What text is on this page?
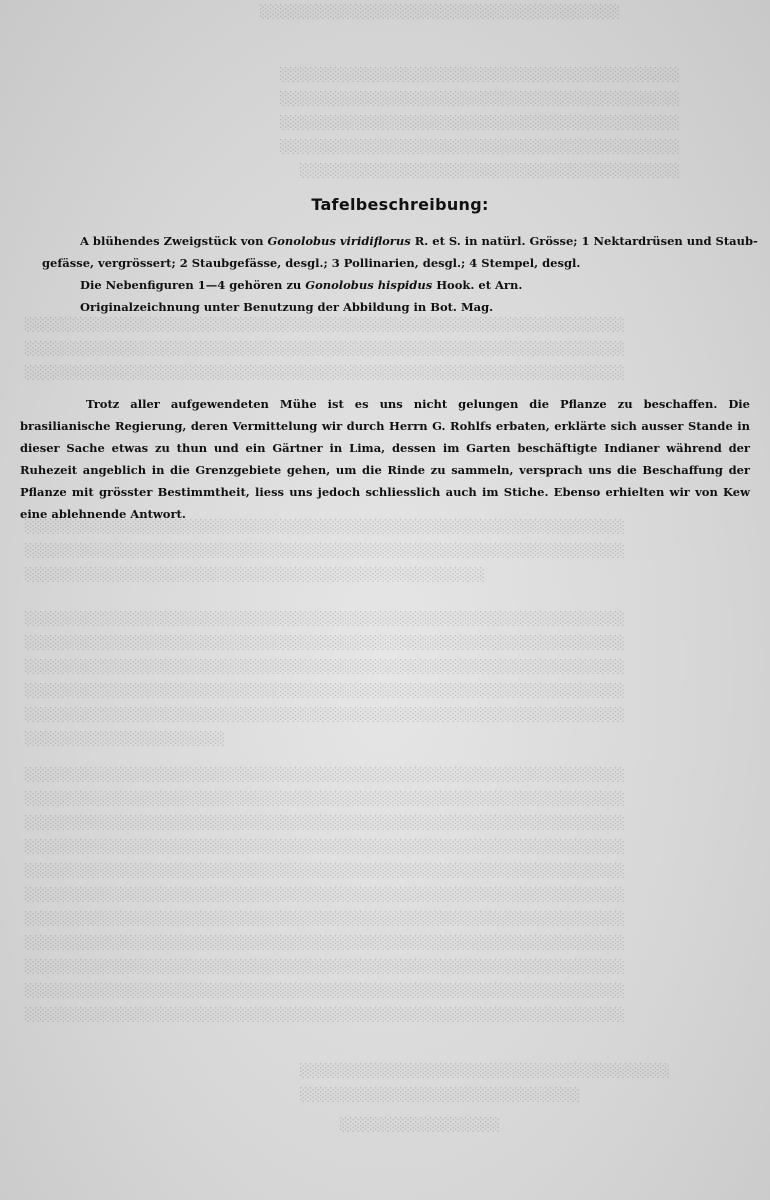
░░░░░░░░░░░░░░░░░░░░░░░░░░░░░░░░░░░░
░░░░░░░░░░░░░░░░░░░░░░░░░░░░░░░░░░░░░░░░
░░░░░░░░░░░░░░░░░░░░░░░░░░░░░░░░░░░░░░░░
░░░░░░░░░░░░░░░░░░░░░░░░░░░░░░░░░░░░░░░░
░░░░░░░░░░░░░░░░░░░░░░░░░░░░░░░░░░░░░░░░
░░░░░░░░░░░░░░░░░░░░░░░░░░░░░░░░░░░░░░
░░░░░░░░░░░░░░░░░░░░░░░░░░░░░░░░░░░░░░░░░░░░░░░░░░░░░░░░░░░░
░░░░░░░░░░░░░░░░░░░░░░░░░░░░░░░░░░░░░░░░░░░░░░░░░░░░░░░░░░░░
░░░░░░░░░░░░░░░░░░░░░░░░░░░░░░░░░░░░░░░░░░░░░░░░░░░░░░░░░░░░
░░░░░░░░░░░░░░░░░░░░░░░░░░░░░░░░░░░░░░░░░░░░░░░░░░░░░░░░░░░░
░░░░░░░░░░░░░░░░░░░░░░░░░░░░░░░░░░░░░░░░░░░░░░░░░░░░░░░░░░░░
░░░░░░░░░░░░░░░░░░░░░░░░░░░░░░░░░░░░░░░░░░░░░░
░░░░░░░░░░░░░░░░░░░░░░░░░░░░░░░░░░░░░░░░░░░░░░░░░░░░░░░░░░░░
░░░░░░░░░░░░░░░░░░░░░░░░░░░░░░░░░░░░░░░░░░░░░░░░░░░░░░░░░░░░
░░░░░░░░░░░░░░░░░░░░░░░░░░░░░░░░░░░░░░░░░░░░░░░░░░░░░░░░░░░░
░░░░░░░░░░░░░░░░░░░░░░░░░░░░░░░░░░░░░░░░░░░░░░░░░░░░░░░░░░░░
░░░░░░░░░░░░░░░░░░░░░░░░░░░░░░░░░░░░░░░░░░░░░░░░░░░░░░░░░░░░
░░░░░░░░░░░░░░░░░░░░
░░░░░░░░░░░░░░░░░░░░░░░░░░░░░░░░░░░░░░░░░░░░░░░░░░░░░░░░░░░░
░░░░░░░░░░░░░░░░░░░░░░░░░░░░░░░░░░░░░░░░░░░░░░░░░░░░░░░░░░░░
░░░░░░░░░░░░░░░░░░░░░░░░░░░░░░░░░░░░░░░░░░░░░░░░░░░░░░░░░░░░
░░░░░░░░░░░░░░░░░░░░░░░░░░░░░░░░░░░░░░░░░░░░░░░░░░░░░░░░░░░░
░░░░░░░░░░░░░░░░░░░░░░░░░░░░░░░░░░░░░░░░░░░░░░░░░░░░░░░░░░░░
░░░░░░░░░░░░░░░░░░░░░░░░░░░░░░░░░░░░░░░░░░░░░░░░░░░░░░░░░░░░
░░░░░░░░░░░░░░░░░░░░░░░░░░░░░░░░░░░░░░░░░░░░░░░░░░░░░░░░░░░░
░░░░░░░░░░░░░░░░░░░░░░░░░░░░░░░░░░░░░░░░░░░░░░░░░░░░░░░░░░░░
░░░░░░░░░░░░░░░░░░░░░░░░░░░░░░░░░░░░░░░░░░░░░░░░░░░░░░░░░░░░
░░░░░░░░░░░░░░░░░░░░░░░░░░░░░░░░░░░░░░░░░░░░░░░░░░░░░░░░░░░░
░░░░░░░░░░░░░░░░░░░░░░░░░░░░░░░░░░░░░░░░░░░░░░░░░░░░░░░░░░░░
░░░░░░░░░░░░░░░░░░░░░░░░░░░░░░░░░░░░░
░░░░░░░░░░░░░░░░░░░░░░░░░░░░
░░░░░░░░░░░░░░░░
Tafelbeschreibung:
A blühendes Zweigstück von Gonolobus viridiflorus R. et S. in natürl. Grösse; 1 Nektardrüsen und Staub-
gefässe, vergrössert; 2 Staubgefässe, desgl.; 3 Pollinarien, desgl.; 4 Stempel, desgl.
Die Nebenfiguren 1—4 gehören zu Gonolobus hispidus Hook. et Arn.
Originalzeichnung unter Benutzung der Abbildung in Bot. Mag.
Trotz aller aufgewendeten Mühe ist es uns nicht gelungen die Pflanze zu beschaffen. Die brasilianische Regierung, deren Vermittelung wir durch Herrn G. Rohlfs erbaten, erklärte sich ausser Stande in dieser Sache etwas zu thun und ein Gärtner in Lima, dessen im Garten beschäftigte Indianer während der Ruhezeit angeblich in die Grenzgebiete gehen, um die Rinde zu sammeln, versprach uns die Beschaffung der Pflanze mit grösster Bestimmtheit, liess uns jedoch schliesslich auch im Stiche. Ebenso erhielten wir von Kew eine ablehnende Antwort.
